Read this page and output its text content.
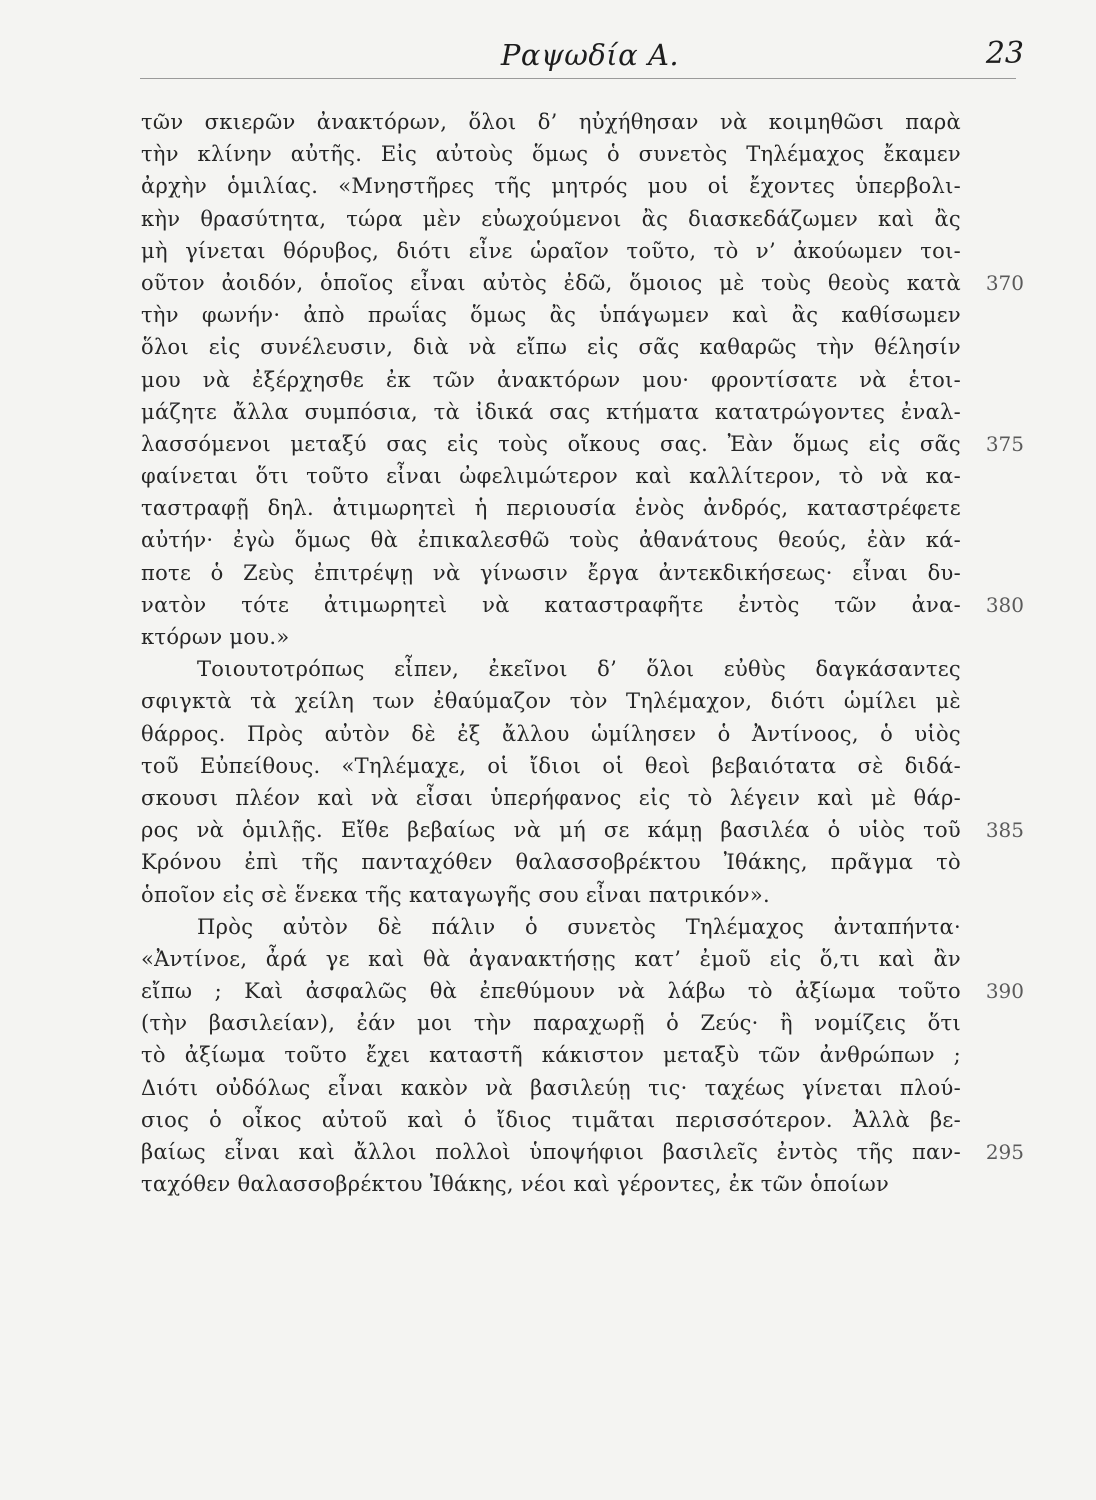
Ραψωδία Α.	23
τῶν σκιερῶν ἀνακτόρων, ὅλοι δ’ ηὐχήθησαν νὰ κοιμηθῶσι παρὰ
τὴν κλίνην αὐτῆς. Εἰς αὐτοὺς ὅμως ὁ συνετὸς Τηλέμαχος ἔκαμεν
ἀρχὴν ὁμιλίας. «Μνηστῆρες τῆς μητρός μου οἱ ἔχοντες ὑπερβολι-
κὴν θρασύτητα, τώρα μὲν εὐωχούμενοι ἂς διασκεδάζωμεν καὶ ἂς
μὴ γίνεται θόρυβος, διότι εἶνε ὡραῖον τοῦτο, τὸ ν’ ἀκούωμεν τοι-
οῦτον ἀοιδόν, ὁποῖος εἶναι αὐτὸς ἐδῶ, ὅμοιος μὲ τοὺς θεοὺς κατὰ
τὴν φωνήν· ἀπὸ πρωΐας ὅμως ἂς ὑπάγωμεν καὶ ἂς καθίσωμεν
ὅλοι εἰς συνέλευσιν, διὰ νὰ εἴπω εἰς σᾶς καθαρῶς τὴν θέλησίν
μου νὰ ἐξέρχησθε ἐκ τῶν ἀνακτόρων μου· φροντίσατε νὰ ἑτοι-
μάζητε ἄλλα συμπόσια, τὰ ἰδικά σας κτήματα κατατρώγοντες ἐναλ-
λασσόμενοι μεταξύ σας εἰς τοὺς οἴκους σας. Ἐὰν ὅμως εἰς σᾶς
φαίνεται ὅτι τοῦτο εἶναι ὠφελιμώτερον καὶ καλλίτερον, τὸ νὰ κα-
ταστραφῇ δηλ. ἀτιμωρητεὶ ἡ περιουσία ἑνὸς ἀνδρός, καταστρέφετε
αὐτήν· ἐγὼ ὅμως θὰ ἐπικαλεσθῶ τοὺς ἀθανάτους θεούς, ἐὰν κά-
ποτε ὁ Ζεὺς ἐπιτρέψῃ νὰ γίνωσιν ἔργα ἀντεκδικήσεως· εἶναι δυ-
νατὸν τότε ἀτιμωρητεὶ νὰ καταστραφῆτε ἐντὸς τῶν ἀνα-
κτόρων μου.»
Τοιουτοτρόπως εἶπεν, ἐκεῖνοι δ’ ὅλοι εὐθὺς δαγκάσαντες
σφιγκτὰ τὰ χείλη των ἐθαύμαζον τὸν Τηλέμαχον, διότι ὡμίλει μὲ
θάρρος. Πρὸς αὐτὸν δὲ ἐξ ἄλλου ὡμίλησεν ὁ Ἀντίνοος, ὁ υἱὸς
τοῦ Εὐπείθους. «Τηλέμαχε, οἱ ἴδιοι οἱ θεοὶ βεβαιότατα σὲ διδά-
σκουσι πλέον καὶ νὰ εἶσαι ὑπερήφανος εἰς τὸ λέγειν καὶ μὲ θάρ-
ρος νὰ ὁμιλῇς. Εἴθε βεβαίως νὰ μή σε κάμῃ βασιλέα ὁ υἱὸς τοῦ
Κρόνου ἐπὶ τῆς πανταχόθεν θαλασσοβρέκτου Ἰθάκης, πρᾶγμα τὸ
ὁποῖον εἰς σὲ ἕνεκα τῆς καταγωγῆς σου εἶναι πατρικόν».
Πρὸς αὐτὸν δὲ πάλιν ὁ συνετὸς Τηλέμαχος ἀνταπήντα·
«Ἀντίνοε, ἆρά γε καὶ θὰ ἀγανακτήσῃς κατ’ ἐμοῦ εἰς ὅ,τι καὶ ἂν
εἴπω ; Καὶ ἀσφαλῶς θὰ ἐπεθύμουν νὰ λάβω τὸ ἀξίωμα τοῦτο
(τὴν βασιλείαν), ἐάν μοι τὴν παραχωρῇ ὁ Ζεύς· ἢ νομίζεις ὅτι
τὸ ἀξίωμα τοῦτο ἔχει καταστῆ κάκιστον μεταξὺ τῶν ἀνθρώπων ;
Διότι οὐδόλως εἶναι κακὸν νὰ βασιλεύῃ τις· ταχέως γίνεται πλού-
σιος ὁ οἶκος αὐτοῦ καὶ ὁ ἴδιος τιμᾶται περισσότερον. Ἀλλὰ βε-
βαίως εἶναι καὶ ἄλλοι πολλοὶ ὑποψήφιοι βασιλεῖς ἐντὸς τῆς παν-
ταχόθεν θαλασσοβρέκτου Ἰθάκης, νέοι καὶ γέροντες, ἐκ τῶν ὁποίων
370
375
380
385
390
295
